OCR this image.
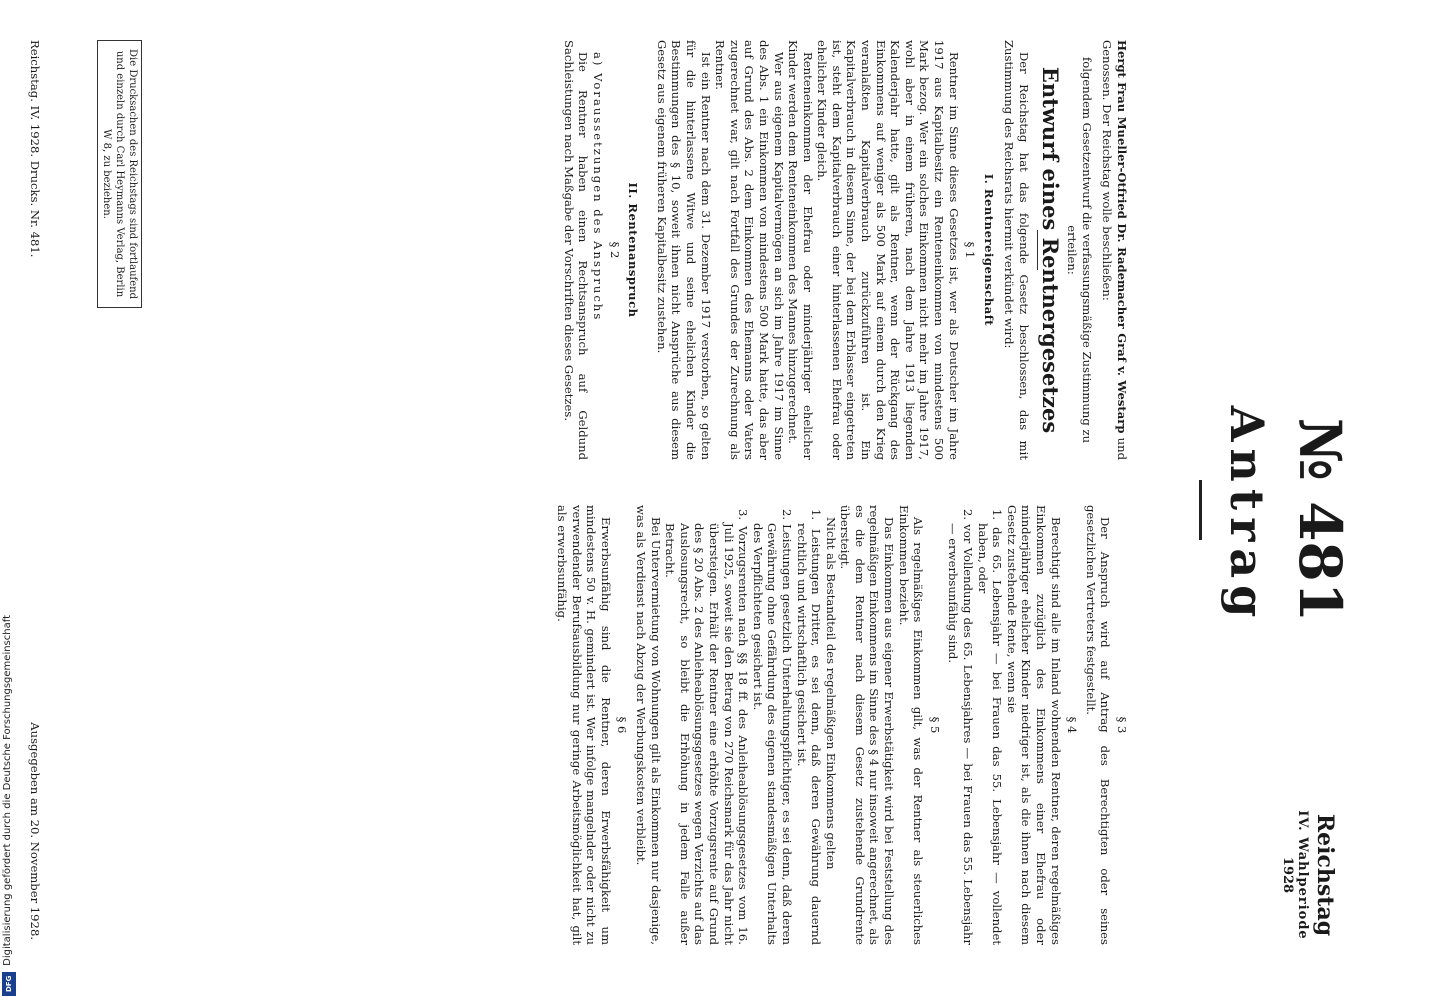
Reichstag
IV. Wahlperiode
1928
№ 481
Antrag

Hergt Frau Mueller-Otfried Dr. Rademacher Graf v. Westarp und Genossen. Der Reichstag wolle beschließen:

folgendem Gesetzentwurf die verfassungsmäßige Zustimmung zu erteilen:

Entwurf eines Rentnergesetzes

Der Reichstag hat das folgende Gesetz beschlossen, das mit Zustimmung des Reichsrats hiermit verkündet wird:

I. Rentnereigenschaft
§ 1

Rentner im Sinne dieses Gesetzes ist, wer als Deutscher im Jahre 1917 aus Kapitalbesitz ein Renteneinkommen von mindestens 500 Mark bezog. Wer ein solches Einkommen nicht mehr im Jahre 1917, wohl aber in einem früheren, nach dem Jahre 1913 liegenden Kalenderjahr hatte, gilt als Rentner, wenn der Rückgang des Einkommens auf weniger als 500 Mark auf einem durch den Krieg veranlaßten Kapitalverbrauch zurückzuführen ist. Ein Kapitalverbrauch in diesem Sinne, der bei dem Erblasser eingetreten ist, steht dem Kapitalverbrauch einer hinterlassenen Ehefrau oder ehelicher Kinder gleich.

Renteneinkommen der Ehefrau oder minderjähriger ehelicher Kinder werden dem Renteneinkommen des Mannes hinzugerechnet.

Wer aus eigenem Kapitalvermögen an sich im Jahre 1917 im Sinne des Abs. 1 ein Einkommen von mindestens 500 Mark hatte, das aber auf Grund des Abs. 2 dem Einkommen des Ehemanns oder Vaters zugerechnet war, gilt nach Fortfall des Grundes der Zurechnung als Rentner.

Ist ein Rentner nach dem 31. Dezember 1917 verstorben, so gelten für die hinterlassene Witwe und seine ehelichen Kinder die Bestimmungen des § 10, soweit ihnen nicht Ansprüche aus diesem Gesetz aus eigenem früheren Kapitalbesitz zustehen.

II. Rentenanspruch
§ 2

a) Voraussetzungen des Anspruchs

Die Rentner haben einen Rechtsanspruch auf Geldund Sachleistungen nach Maßgabe der Vorschriften dieses Gesetzes.

§ 3

Der Anspruch wird auf Antrag des Berechtigten oder seines gesetzlichen Vertreters festgestellt.

§ 4

Berechtigt sind alle im Inland wohnenden Rentner, deren regelmäßiges Einkommen zuzüglich des Einkommens einer Ehefrau oder minderjähriger ehelicher Kinder niedriger ist, als die ihnen nach diesem Gesetz zustehende Rente, wenn sie

1. das 65. Lebensjahr — bei Frauen das 55. Lebensjahr — vollendet haben, oder
2. vor Vollendung des 65. Lebensjahres — bei Frauen das 55. Lebensjahr — erwerbsunfähig sind.
§ 5

Als regelmäßiges Einkommen gilt, was der Rentner als steuerliches Einkommen bezieht.

Das Einkommen aus eigener Erwerbstätigkeit wird bei Feststellung des regelmäßigen Einkommens im Sinne des § 4 nur insoweit angerechnet, als es die dem Rentner nach diesem Gesetz zustehende Grundrente übersteigt.

Nicht als Bestandteil des regelmäßigen Einkommens gelten

1. Leistungen Dritter, es sei denn, daß deren Gewährung dauernd rechtlich und wirtschaftlich gesichert ist.
2. Leistungen gesetzlich Unterhaltungspflichtiger, es sei denn, daß deren Gewährung ohne Gefährdung des eigenen standesmäßigen Unterhalts des Verpflichteten gesichert ist.
3. Vorzugsrenten nach §§ 18 ff. des Anleiheablösungsgesetzes vom 16. Juli 1925, soweit sie den Betrag von 270 Reichsmark für das Jahr nicht übersteigen. Erhält der Rentner eine erhöhte Vorzugsrente auf Grund des § 20 Abs. 2 des Anleiheablösungsgesetzes wegen Verzichts auf das Auslosungsrecht, so bleibt die Erhöhung in jedem Falle außer Betracht.

Bei Untervermietung von Wohnungen gilt als Einkommen nur dasjenige, was als Verdienst nach Abzug der Werbungskosten verbleibt.

§ 6

Erwerbsunfähig sind die Rentner, deren Erwerbsfähigkeit um mindestens 50 v. H. gemindert ist. Wer infolge mangelnder oder nicht zu verwendender Berufsausbildung nur geringe Arbeitsmöglichkeit hat, gilt als erwerbsunfähig.

Die Drucksachen des Reichstags sind fortlaufend und einzeln durch Carl Heymanns Verlag, Berlin W 8, zu beziehen.
Reichstag. IV. 1928. Drucks. Nr. 481.
Ausgegeben am 20. November 1928.
DFG
Digitalisierung gefördert durch die Deutsche Forschungsgemeinschaft
